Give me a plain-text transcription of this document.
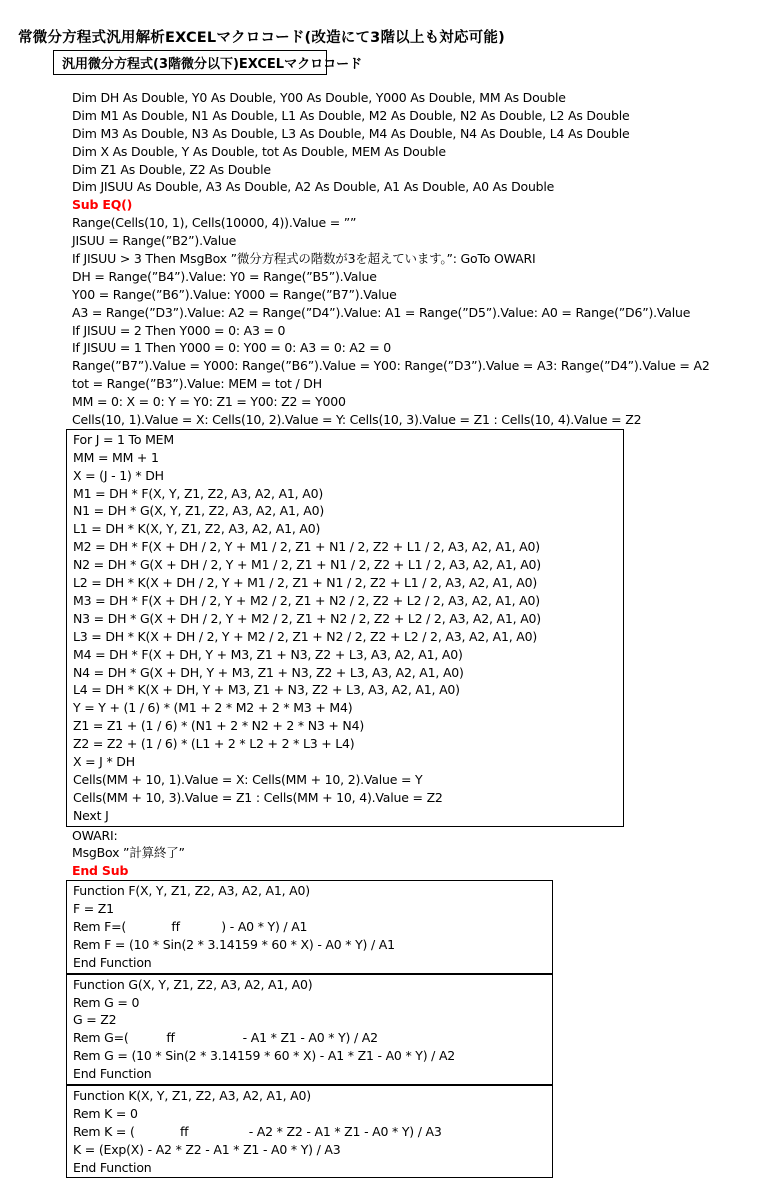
常微分方程式汎用解析EXCELマクロコード(改造にて3階以上も対応可能)
汎用微分方程式(3階微分以下)EXCELマクロコード
Dim DH As Double, Y0 As Double, Y00 As Double, Y000 As Double, MM As Double
Dim M1 As Double, N1 As Double, L1 As Double, M2 As Double, N2 As Double, L2 As Double
Dim M3 As Double, N3 As Double, L3 As Double, M4 As Double, N4 As Double, L4 As Double
Dim X As Double, Y As Double, tot As Double, MEM As Double
Dim Z1 As Double, Z2 As Double
Dim JISUU As Double, A3 As Double, A2 As Double, A1 As Double, A0 As Double
Sub EQ()
Range(Cells(10, 1), Cells(10000, 4)).Value = ””
JISUU = Range(”B2”).Value
If JISUU > 3 Then MsgBox ”微分方程式の階数が3を超えています。”: GoTo OWARI
DH = Range(”B4”).Value: Y0 = Range(”B5”).Value
Y00 = Range(”B6”).Value: Y000 = Range(”B7”).Value
A3 = Range(”D3”).Value: A2 = Range(”D4”).Value: A1 = Range(”D5”).Value: A0 = Range(”D6”).Value
If JISUU = 2 Then Y000 = 0: A3 = 0
If JISUU = 1 Then Y000 = 0: Y00 = 0: A3 = 0: A2 = 0
Range(”B7”).Value = Y000: Range(”B6”).Value = Y00: Range(”D3”).Value = A3: Range(”D4”).Value = A2
tot = Range(”B3”).Value: MEM = tot / DH
MM = 0: X = 0: Y = Y0: Z1 = Y00: Z2 = Y000
Cells(10, 1).Value = X: Cells(10, 2).Value = Y: Cells(10, 3).Value = Z1 : Cells(10, 4).Value = Z2
For J = 1 To MEM
MM = MM + 1
X = (J - 1) * DH
M1 = DH * F(X, Y, Z1, Z2, A3, A2, A1, A0)
N1 = DH * G(X, Y, Z1, Z2, A3, A2, A1, A0)
L1 = DH * K(X, Y, Z1, Z2, A3, A2, A1, A0)
M2 = DH * F(X + DH / 2, Y + M1 / 2, Z1 + N1 / 2, Z2 + L1 / 2, A3, A2, A1, A0)
N2 = DH * G(X + DH / 2, Y + M1 / 2, Z1 + N1 / 2, Z2 + L1 / 2, A3, A2, A1, A0)
L2 = DH * K(X + DH / 2, Y + M1 / 2, Z1 + N1 / 2, Z2 + L1 / 2, A3, A2, A1, A0)
M3 = DH * F(X + DH / 2, Y + M2 / 2, Z1 + N2 / 2, Z2 + L2 / 2, A3, A2, A1, A0)
N3 = DH * G(X + DH / 2, Y + M2 / 2, Z1 + N2 / 2, Z2 + L2 / 2, A3, A2, A1, A0)
L3 = DH * K(X + DH / 2, Y + M2 / 2, Z1 + N2 / 2, Z2 + L2 / 2, A3, A2, A1, A0)
M4 = DH * F(X + DH, Y + M3, Z1 + N3, Z2 + L3, A3, A2, A1, A0)
N4 = DH * G(X + DH, Y + M3, Z1 + N3, Z2 + L3, A3, A2, A1, A0)
L4 = DH * K(X + DH, Y + M3, Z1 + N3, Z2 + L3, A3, A2, A1, A0)
Y = Y + (1 / 6) * (M1 + 2 * M2 + 2 * M3 + M4)
Z1 = Z1 + (1 / 6) * (N1 + 2 * N2 + 2 * N3 + N4)
Z2 = Z2 + (1 / 6) * (L1 + 2 * L2 + 2 * L3 + L4)
X = J * DH
Cells(MM + 10, 1).Value = X: Cells(MM + 10, 2).Value = Y
Cells(MM + 10, 3).Value = Z1 : Cells(MM + 10, 4).Value = Z2
Next J
OWARI:
MsgBox ”計算終了”
End Sub
Function F(X, Y, Z1, Z2, A3, A2, A1, A0)
F = Z1
Rem F=(            ff           ) - A0 * Y) / A1
Rem F = (10 * Sin(2 * 3.14159 * 60 * X) - A0 * Y) / A1
End Function
Function G(X, Y, Z1, Z2, A3, A2, A1, A0)
Rem G = 0
G = Z2
Rem G=(          ff                  - A1 * Z1 - A0 * Y) / A2
Rem G = (10 * Sin(2 * 3.14159 * 60 * X) - A1 * Z1 - A0 * Y) / A2
End Function
Function K(X, Y, Z1, Z2, A3, A2, A1, A0)
Rem K = 0
Rem K = (            ff                - A2 * Z2 - A1 * Z1 - A0 * Y) / A3
K = (Exp(X) - A2 * Z2 - A1 * Z1 - A0 * Y) / A3
End Function
